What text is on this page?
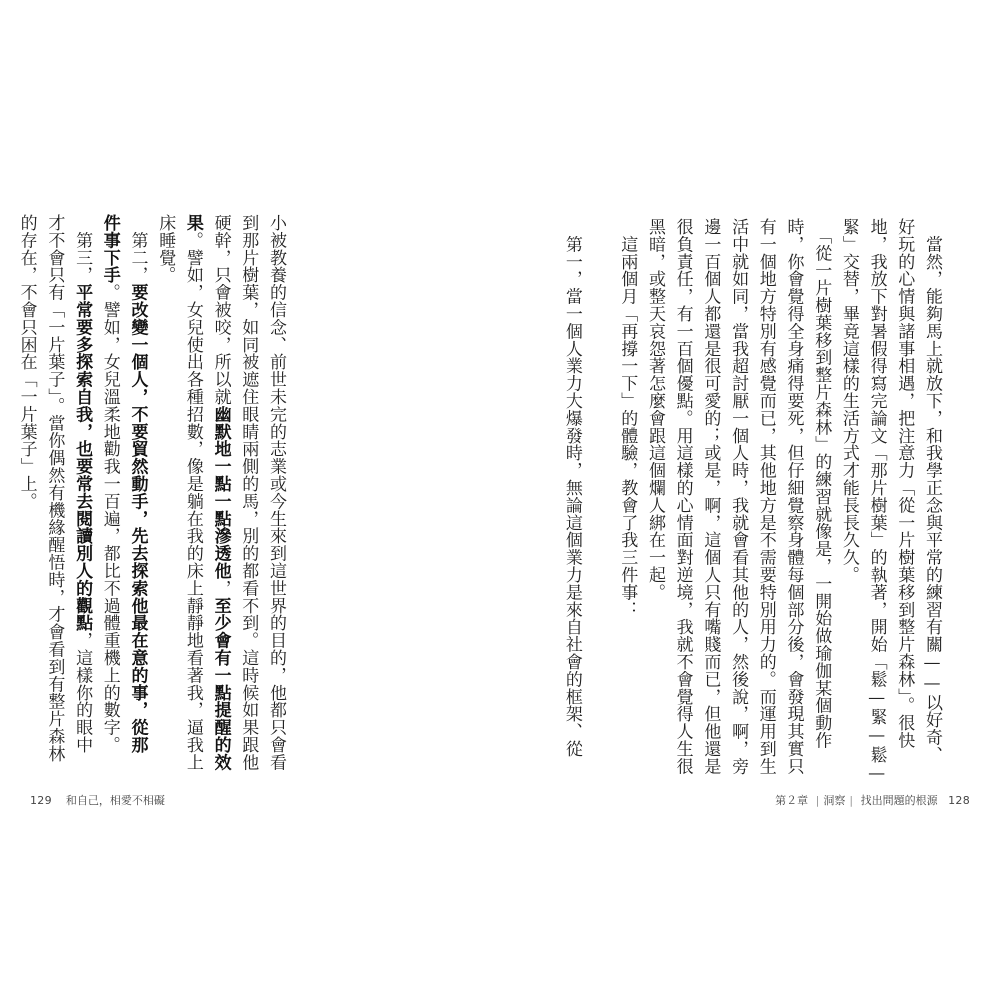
小被教養的信念、前世未完的志業或今生來到這世界的目的，他都只會看
到那片樹葉，如同被遮住眼睛兩側的馬，別的都看不到。這時候如果跟他
硬幹，只會被咬，所以就幽默地一點一點滲透他，至少會有一點提醒的效
果。譬如，女兒使出各種招數，像是躺在我的床上靜靜地看著我，逼我上
床睡覺。
　第二，要改變一個人，不要貿然動手，先去探索他最在意的事，從那
件事下手。譬如，女兒溫柔地勸我一百遍，都比不過體重機上的數字。
　第三，平常要多探索自我，也要常去閱讀別人的觀點，這樣你的眼中
才不會只有「一片葉子」。當你偶然有機緣醒悟時，才會看到有整片森林
的存在，不會只困在「一片葉子」上。

129 和自己，相愛不相礙
　當然，能夠馬上就放下，和我學正念與平常的練習有關——以好奇、
好玩的心情與諸事相遇，把注意力「從一片樹葉移到整片森林」。很快
地，我放下對暑假得寫完論文「那片樹葉」的執著，開始「鬆—緊—鬆—
緊」交替，畢竟這樣的生活方式才能長長久久。
　「從一片樹葉移到整片森林」的練習就像是，一開始做瑜伽某個動作
時，你會覺得全身痛得要死，但仔細覺察身體每個部分後，會發現其實只
有一個地方特別有感覺而已，其他地方是不需要特別用力的。而運用到生
活中就如同，當我超討厭一個人時，我就會看其他的人，然後說，啊，旁
邊一百個人都還是很可愛的；或是，啊，這個人只有嘴賤而已，但他還是
很負責任，有一百個優點。用這樣的心情面對逆境，我就不會覺得人生很
黑暗，或整天哀怨著怎麼會跟這個爛人綁在一起。
　這兩個月「再撐一下」的體驗，教會了我三件事：

　第一，當一個人業力大爆發時，無論這個業力是來自社會的框架、從
第２章 | 洞察 | 找出問題的根源 128
